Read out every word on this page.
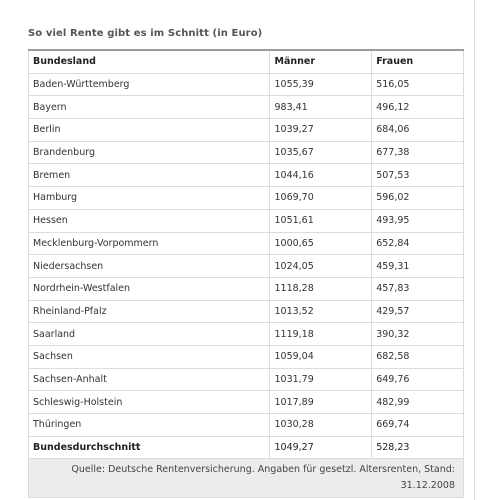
So viel Rente gibt es im Schnitt (in Euro)
Bundesland	Männer	Frauen
Baden-Württemberg	1055,39	516,05
Bayern	983,41	496,12
Berlin	1039,27	684,06
Brandenburg	1035,67	677,38
Bremen	1044,16	507,53
Hamburg	1069,70	596,02
Hessen	1051,61	493,95
Mecklenburg-Vorpommern	1000,65	652,84
Niedersachsen	1024,05	459,31
Nordrhein-Westfalen	1118,28	457,83
Rheinland-Pfalz	1013,52	429,57
Saarland	1119,18	390,32
Sachsen	1059,04	682,58
Sachsen-Anhalt	1031,79	649,76
Schleswig-Holstein	1017,89	482,99
Thüringen	1030,28	669,74
Bundesdurchschnitt	1049,27	528,23
Quelle: Deutsche Rentenversicherung. Angaben für gesetzl. Altersrenten, Stand: 31.12.2008		
